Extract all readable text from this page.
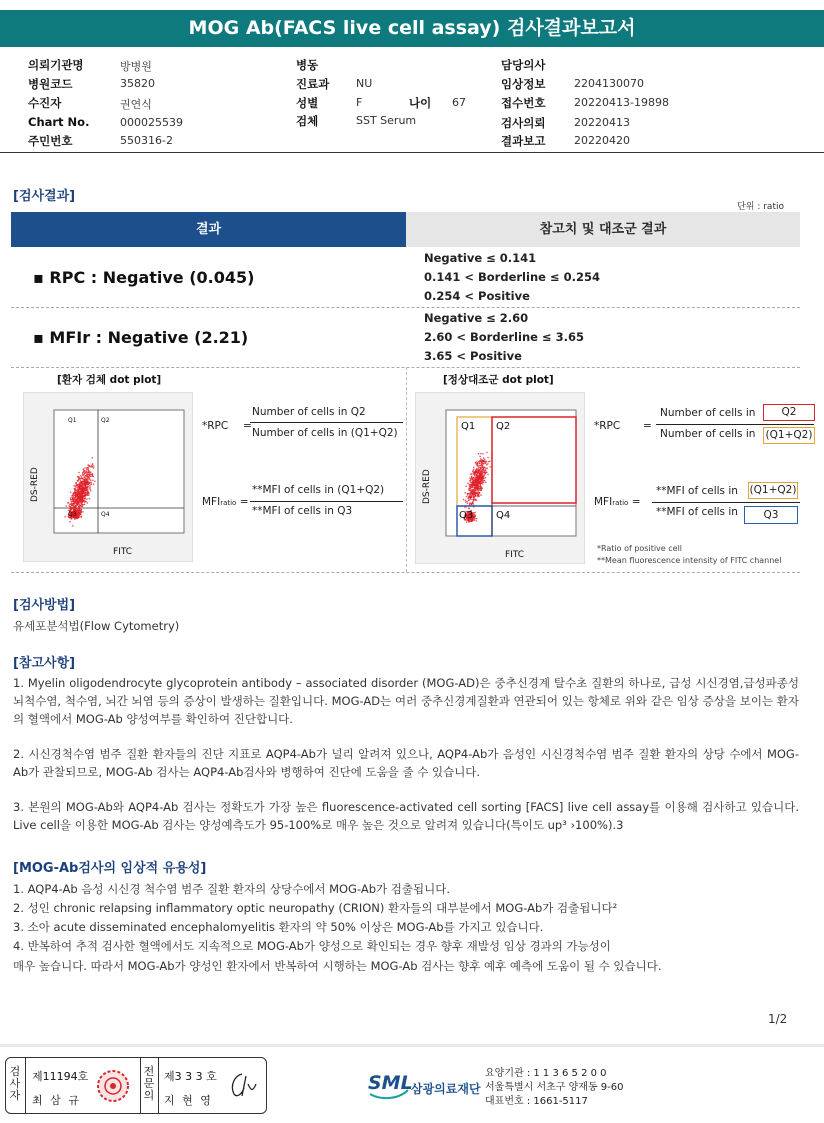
MOG Ab(FACS live cell assay) 검사결과보고서
의뢰기관명	방병원
병원코드	35820
수진자	권연식
Chart No.	000025539
주민번호	550316-2
병동
진료과 NU
성별	F	나이 67
검체	SST Serum
담당의사
임상정보	2204130070
접수번호	20220413-19898
검사의뢰	20220413
결과보고	20220420
[검사결과]
단위 : ratio
결과	참고치 및 대조군 결과
▪ RPC : Negative (0.045)
Negative ≤ 0.141
0.141 < Borderline ≤ 0.254
0.254 < Positive
▪ MFIr : Negative (2.21)
Negative ≤ 2.60
2.60 < Borderline ≤ 3.65
3.65 < Positive
[환자 검체 dot plot]
Q1	Q2
Q3	Q4
FITC
DS-RED
*RPC =
Number of cells in Q2
Number of cells in (Q1+Q2)
MFIratio =
**MFI of cells in (Q1+Q2)
**MFI of cells in Q3
[정상대조군 dot plot]
Q1 Q2
Q3 Q4
FITC
DS-RED
*RPC =
Number of cells in	Q2
Number of cells in (Q1+Q2)
MFIratio =
**MFI of cells in (Q1+Q2)
**MFI of cells in	Q3
*Ratio of positive cell
**Mean fluorescence intensity of FITC channel
[검사방법]
유세포분석법(Flow Cytometry)
[참고사항]
1. Myelin oligodendrocyte glycoprotein antibody – associated disorder (MOG-AD)은 중추신경계 탈수초 질환의 하나로, 급성 시신경염,급성파종성 뇌척수염, 척수염, 뇌간 뇌염 등의 증상이 발생하는 질환입니다. MOG-AD는 여러 중추신경계질환과 연관되어 있는 항체로 위와 같은 임상 증상을 보이는 환자의 혈액에서 MOG-Ab 양성여부를 확인하여 진단합니다.
2. 시신경척수염 범주 질환 환자들의 진단 지표로 AQP4-Ab가 널리 알려져 있으나, AQP4-Ab가 음성인 시신경척수염 범주 질환 환자의 상당 수에서 MOG-Ab가 관찰되므로, MOG-Ab 검사는 AQP4-Ab검사와 병행하여 진단에 도움을 줄 수 있습니다.
3. 본원의 MOG-Ab와 AQP4-Ab 검사는 정확도가 가장 높은 fluorescence-activated cell sorting [FACS] live cell assay를 이용해 검사하고 있습니다. Live cell을 이용한 MOG-Ab 검사는 양성예측도가 95-100%로 매우 높은 것으로 알려져 있습니다(특이도 up³ ›100%).3
[MOG-Ab검사의 임상적 유용성]
1. AQP4-Ab 음성 시신경 척수염 범주 질환 환자의 상당수에서 MOG-Ab가 검출됩니다.
2. 성인 chronic relapsing inflammatory optic neuropathy (CRION) 환자들의 대부분에서 MOG-Ab가 검출됩니다²
3. 소아 acute disseminated encephalomyelitis 환자의 약 50% 이상은 MOG-Ab를 가지고 있습니다.
4. 반복하여 추적 검사한 혈액에서도 지속적으로 MOG-Ab가 양성으로 확인되는 경우 향후 재발성 임상 경과의 가능성이
매우 높습니다. 따라서 MOG-Ab가 양성인 환자에서 반복하여 시행하는 MOG-Ab 검사는 향후 예후 예측에 도움이 될 수 있습니다.
1/2
검
사
자
제11194호
최 삼 규
전
문
의
제3 3 3 호
지 현 영
SML
삼광의료재단
요양기관 : 1 1 3 6 5 2 0 0
서울특별시 서초구 양재동 9-60
대표번호 : 1661-5117
